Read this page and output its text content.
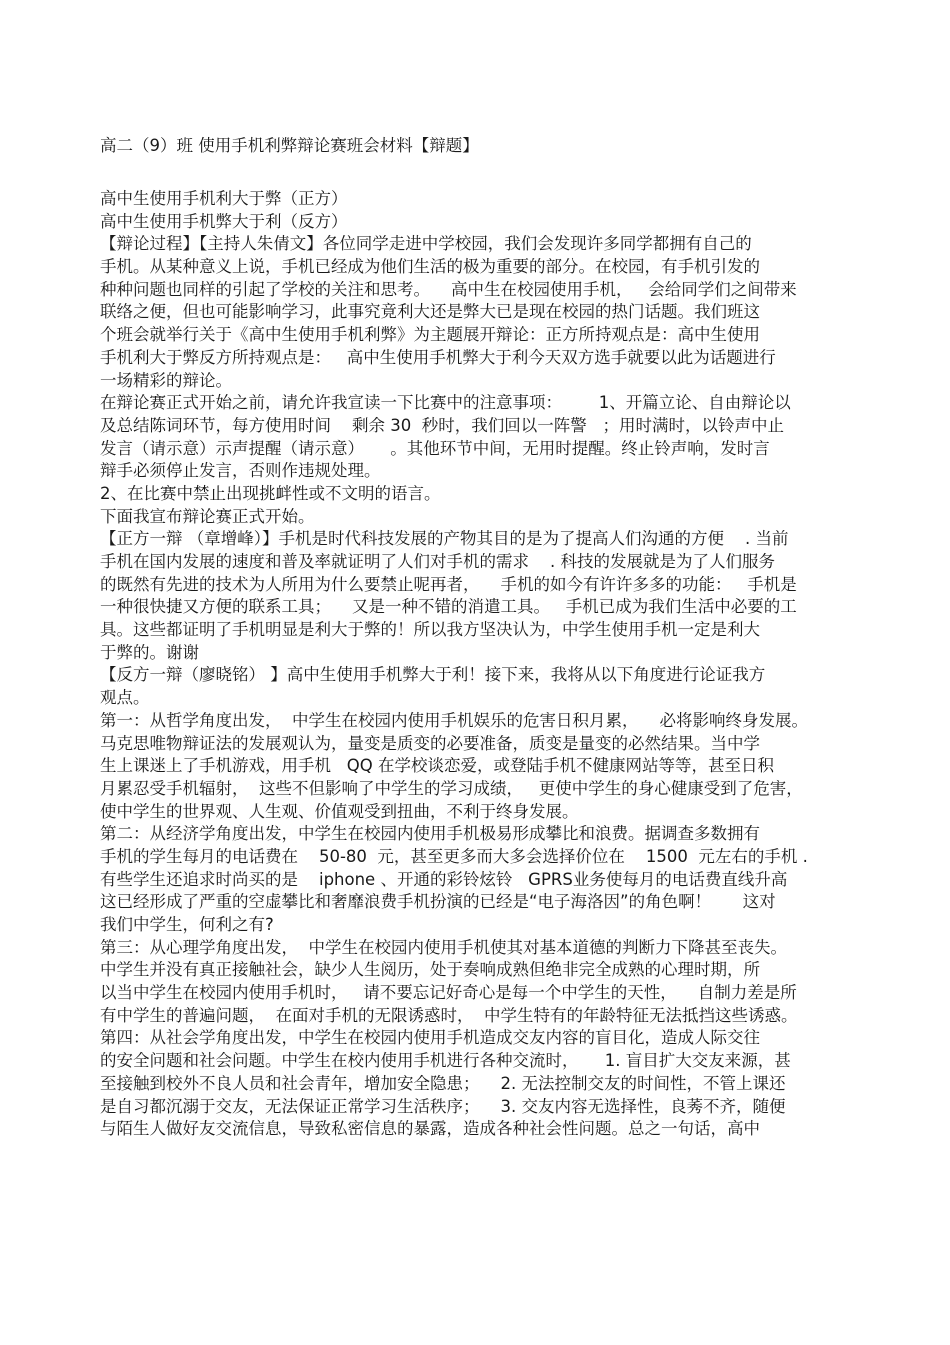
高二（9）班 使用手机利弊辩论赛班会材料【辩题】
高中生使用手机利大于弊（正方）
高中生使用手机弊大于利（反方）
【辩论过程】【主持人朱倩文】各位同学走进中学校园，我们会发现许多同学都拥有自己的
手机。从某种意义上说，手机已经成为他们生活的极为重要的部分。在校园，有手机引发的
种种问题也同样的引起了学校的关注和思考。    高中生在校园使用手机，   会给同学们之间带来
联络之便，但也可能影响学习，此事究竟利大还是弊大已是现在校园的热门话题。我们班这
个班会就举行关于《高中生使用手机利弊》为主题展开辩论：正方所持观点是：高中生使用
手机利大于弊反方所持观点是：   高中生使用手机弊大于利今天双方选手就要以此为话题进行
一场精彩的辩论。
在辩论赛正式开始之前，请允许我宣读一下比赛中的注意事项：       1、开篇立论、自由辩论以
及总结陈词环节，每方使用时间    剩余 30  秒时，我们回以一阵警   ；用时满时，以铃声中止
发言（请示意）示声提醒（请示意）     。其他环节中间，无用时提醒。终止铃声响，发时言
辩手必须停止发言，否则作违规处理。
2、在比赛中禁止出现挑衅性或不文明的语言。
下面我宣布辩论赛正式开始。
【正方一辩 （章增峰）】手机是时代科技发展的产物其目的是为了提高人们沟通的方便    . 当前
手机在国内发展的速度和普及率就证明了人们对手机的需求    . 科技的发展就是为了人们服务
的既然有先进的技术为人所用为什么要禁止呢再者，    手机的如今有许许多多的功能：   手机是
一种很快捷又方便的联系工具；    又是一种不错的消遣工具。   手机已成为我们生活中必要的工
具。这些都证明了手机明显是利大于弊的！所以我方坚决认为，中学生使用手机一定是利大
于弊的。谢谢
【反方一辩（廖晓铭） 】高中生使用手机弊大于利！接下来，我将从以下角度进行论证我方
观点。
第一：从哲学角度出发，  中学生在校园内使用手机娱乐的危害日积月累，    必将影响终身发展。
马克思唯物辩证法的发展观认为，量变是质变的必要准备，质变是量变的必然结果。当中学
生上课迷上了手机游戏，用手机   QQ 在学校谈恋爱，或登陆手机不健康网站等等，甚至日积
月累忍受手机辐射，  这些不但影响了中学生的学习成绩，   更使中学生的身心健康受到了危害，
使中学生的世界观、人生观、价值观受到扭曲，不利于终身发展。
第二：从经济学角度出发，中学生在校园内使用手机极易形成攀比和浪费。据调查多数拥有
手机的学生每月的电话费在    50-80  元，甚至更多而大多会选择价位在    1500  元左右的手机 .
有些学生还追求时尚买的是    iphone 、开通的彩铃炫铃   GPRS业务使每月的电话费直线升高
这已经形成了严重的空虚攀比和奢靡浪费手机扮演的已经是“电子海洛因”的角色啊！      这对
我们中学生，何利之有?
第三：从心理学角度出发，  中学生在校园内使用手机使其对基本道德的判断力下降甚至丧失。
中学生并没有真正接触社会，缺少人生阅历，处于奏响成熟但绝非完全成熟的心理时期，所
以当中学生在校园内使用手机时，   请不要忘记好奇心是每一个中学生的天性，    自制力差是所
有中学生的普遍问题，  在面对手机的无限诱惑时，  中学生特有的年龄特征无法抵挡这些诱惑。
第四：从社会学角度出发，中学生在校园内使用手机造成交友内容的盲目化，造成人际交往
的安全问题和社会问题。中学生在校内使用手机进行各种交流时，     1. 盲目扩大交友来源，甚
至接触到校外不良人员和社会青年，增加安全隐患；    2. 无法控制交友的时间性，不管上课还
是自习都沉溺于交友，无法保证正常学习生活秩序；    3. 交友内容无选择性，良莠不齐，随便
与陌生人做好友交流信息，导致私密信息的暴露，造成各种社会性问题。总之一句话，高中
